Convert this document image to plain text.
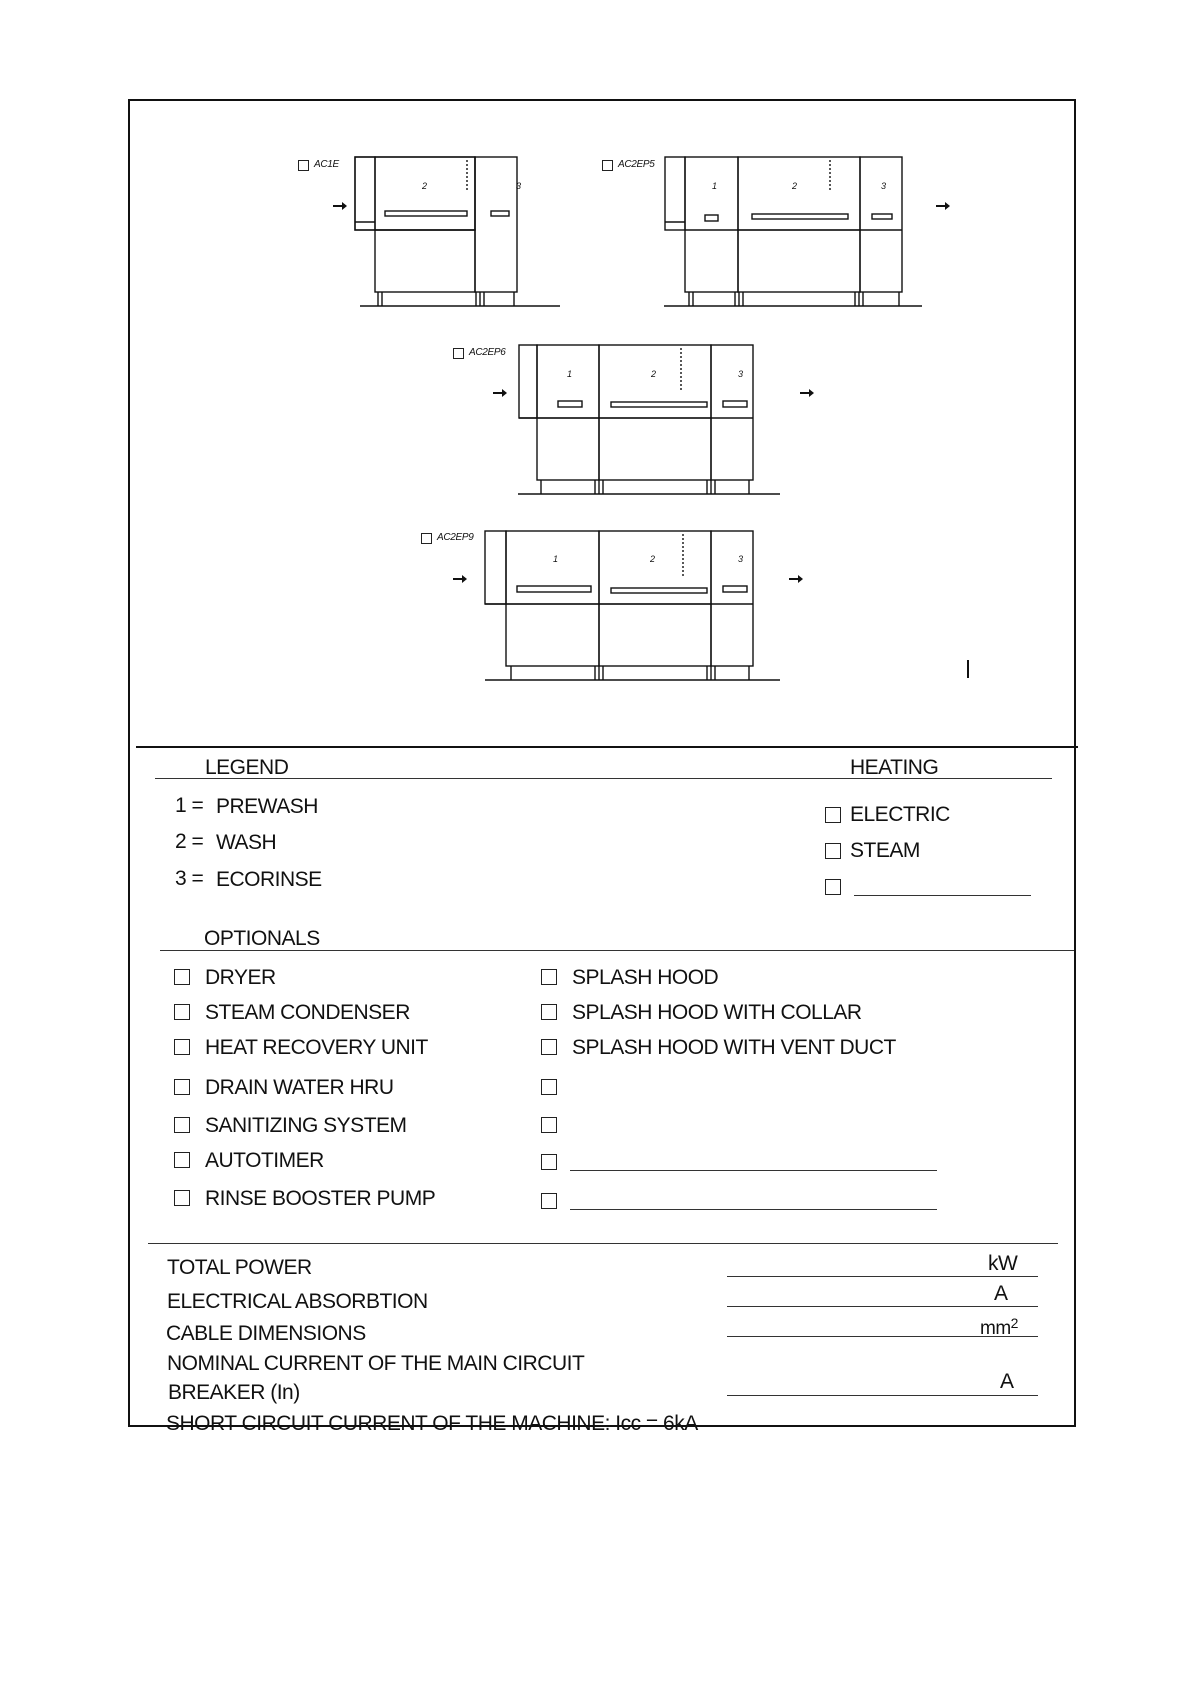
AC1E
2	3
AC2EP5
1	2	3
AC2EP6
1	2	3
AC2EP9
1	2	3
LEGEND	HEATING
1 = PREWASH
2 = WASH
3 = ECORINSE
ELECTRIC
STEAM
OPTIONALS
DRYER
STEAM CONDENSER
HEAT RECOVERY UNIT
DRAIN WATER HRU
SANITIZING SYSTEM
AUTOTIMER
RINSE BOOSTER PUMP
SPLASH HOOD
SPLASH HOOD WITH COLLAR
SPLASH HOOD WITH VENT DUCT
TOTAL POWER	kW
ELECTRICAL ABSORBTION	A
CABLE DIMENSIONS	$mm^2$
NOMINAL CURRENT OF THE MAIN CIRCUIT
BREAKER (In)	A
SHORT CIRCUIT CURRENT OF THE MACHINE: Icc = 6kA
